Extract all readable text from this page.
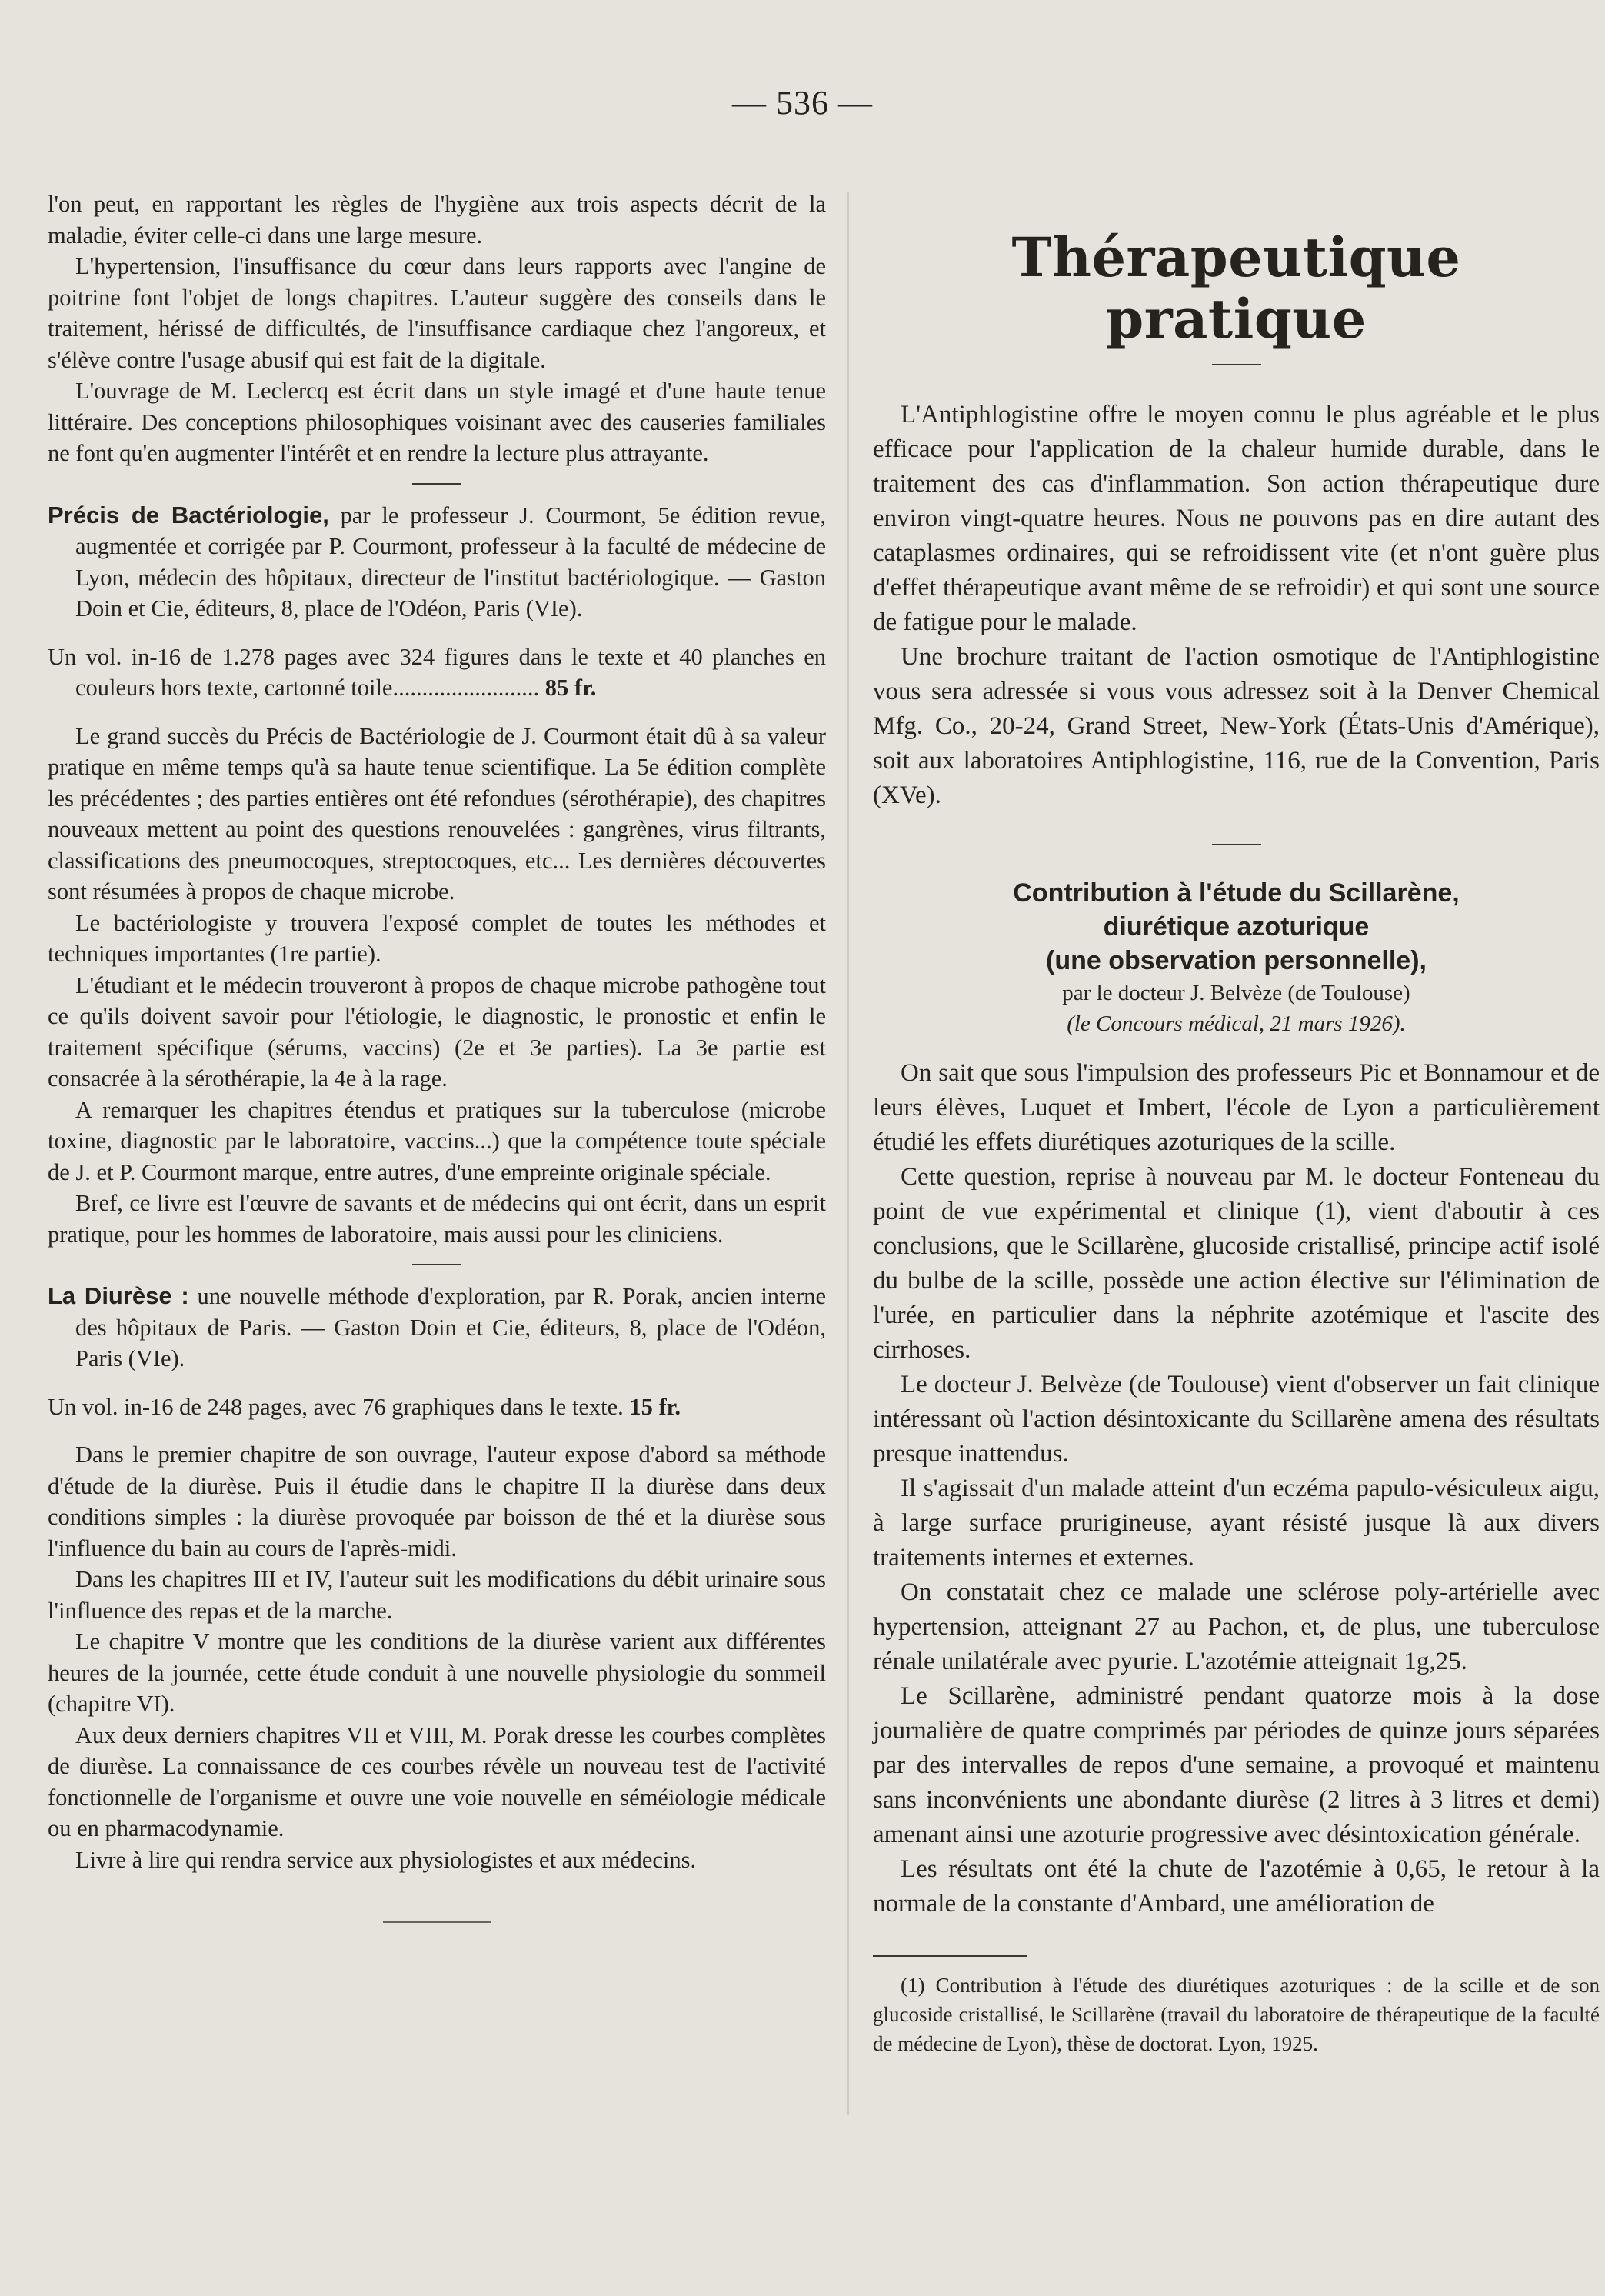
— 536 —

l'on peut, en rapportant les règles de l'hygiène aux trois aspects décrit de la maladie, éviter celle-ci dans une large mesure.

L'hypertension, l'insuffisance du cœur dans leurs rapports avec l'angine de poitrine font l'objet de longs chapitres. L'auteur suggère des conseils dans le traitement, hérissé de difficultés, de l'insuffisance cardiaque chez l'angoreux, et s'élève contre l'usage abusif qui est fait de la digitale.

L'ouvrage de M. Leclercq est écrit dans un style imagé et d'une haute tenue littéraire. Des conceptions philosophiques voisinant avec des causeries familiales ne font qu'en augmenter l'intérêt et en rendre la lecture plus attrayante.

Précis de Bactériologie, par le professeur J. Courmont, 5e édition revue, augmentée et corrigée par P. Courmont, professeur à la faculté de médecine de Lyon, médecin des hôpitaux, directeur de l'institut bactériologique. — Gaston Doin et Cie, éditeurs, 8, place de l'Odéon, Paris (VIe).

Un vol. in-16 de 1.278 pages avec 324 figures dans le texte et 40 planches en couleurs hors texte, cartonné toile......................... 85 fr.

Le grand succès du Précis de Bactériologie de J. Courmont était dû à sa valeur pratique en même temps qu'à sa haute tenue scientifique. La 5e édition complète les précédentes ; des parties entières ont été refondues (sérothérapie), des chapitres nouveaux mettent au point des questions renouvelées : gangrènes, virus filtrants, classifications des pneumocoques, streptocoques, etc... Les dernières découvertes sont résumées à propos de chaque microbe.

Le bactériologiste y trouvera l'exposé complet de toutes les méthodes et techniques importantes (1re partie).

L'étudiant et le médecin trouveront à propos de chaque microbe pathogène tout ce qu'ils doivent savoir pour l'étiologie, le diagnostic, le pronostic et enfin le traitement spécifique (sérums, vaccins) (2e et 3e parties). La 3e partie est consacrée à la sérothérapie, la 4e à la rage.

A remarquer les chapitres étendus et pratiques sur la tuberculose (microbe toxine, diagnostic par le laboratoire, vaccins...) que la compétence toute spéciale de J. et P. Courmont marque, entre autres, d'une empreinte originale spéciale.

Bref, ce livre est l'œuvre de savants et de médecins qui ont écrit, dans un esprit pratique, pour les hommes de laboratoire, mais aussi pour les cliniciens.

La Diurèse : une nouvelle méthode d'exploration, par R. Porak, ancien interne des hôpitaux de Paris. — Gaston Doin et Cie, éditeurs, 8, place de l'Odéon, Paris (VIe).

Un vol. in-16 de 248 pages, avec 76 graphiques dans le texte. 15 fr.

Dans le premier chapitre de son ouvrage, l'auteur expose d'abord sa méthode d'étude de la diurèse. Puis il étudie dans le chapitre II la diurèse dans deux conditions simples : la diurèse provoquée par boisson de thé et la diurèse sous l'influence du bain au cours de l'après-midi.

Dans les chapitres III et IV, l'auteur suit les modifications du débit urinaire sous l'influence des repas et de la marche.

Le chapitre V montre que les conditions de la diurèse varient aux différentes heures de la journée, cette étude conduit à une nouvelle physiologie du sommeil (chapitre VI).

Aux deux derniers chapitres VII et VIII, M. Porak dresse les courbes complètes de diurèse. La connaissance de ces courbes révèle un nouveau test de l'activité fonctionnelle de l'organisme et ouvre une voie nouvelle en séméiologie médicale ou en pharmacodynamie.

Livre à lire qui rendra service aux physiologistes et aux médecins.

Thérapeutique pratique

L'Antiphlogistine offre le moyen connu le plus agréable et le plus efficace pour l'application de la chaleur humide durable, dans le traitement des cas d'inflammation. Son action thérapeutique dure environ vingt-quatre heures. Nous ne pouvons pas en dire autant des cataplasmes ordinaires, qui se refroidissent vite (et n'ont guère plus d'effet thérapeutique avant même de se refroidir) et qui sont une source de fatigue pour le malade.

Une brochure traitant de l'action osmotique de l'Antiphlogistine vous sera adressée si vous vous adressez soit à la Denver Chemical Mfg. Co., 20-24, Grand Street, New-York (États-Unis d'Amérique), soit aux laboratoires Antiphlogistine, 116, rue de la Convention, Paris (XVe).

Contribution à l'étude du Scillarène,
diurétique azoturique
(une observation personnelle),
par le docteur J. Belvèze (de Toulouse)
(le Concours médical, 21 mars 1926).

On sait que sous l'impulsion des professeurs Pic et Bonnamour et de leurs élèves, Luquet et Imbert, l'école de Lyon a particulièrement étudié les effets diurétiques azoturiques de la scille.

Cette question, reprise à nouveau par M. le docteur Fonteneau du point de vue expérimental et clinique (1), vient d'aboutir à ces conclusions, que le Scillarène, glucoside cristallisé, principe actif isolé du bulbe de la scille, possède une action élective sur l'élimination de l'urée, en particulier dans la néphrite azotémique et l'ascite des cirrhoses.

Le docteur J. Belvèze (de Toulouse) vient d'observer un fait clinique intéressant où l'action désintoxicante du Scillarène amena des résultats presque inattendus.

Il s'agissait d'un malade atteint d'un eczéma papulo-vésiculeux aigu, à large surface prurigineuse, ayant résisté jusque là aux divers traitements internes et externes.

On constatait chez ce malade une sclérose poly-artérielle avec hypertension, atteignant 27 au Pachon, et, de plus, une tuberculose rénale unilatérale avec pyurie. L'azotémie atteignait 1g,25.

Le Scillarène, administré pendant quatorze mois à la dose journalière de quatre comprimés par périodes de quinze jours séparées par des intervalles de repos d'une semaine, a provoqué et maintenu sans inconvénients une abondante diurèse (2 litres à 3 litres et demi) amenant ainsi une azoturie progressive avec désintoxication générale.

Les résultats ont été la chute de l'azotémie à 0,65, le retour à la normale de la constante d'Ambard, une amélioration de

(1) Contribution à l'étude des diurétiques azoturiques : de la scille et de son glucoside cristallisé, le Scillarène (travail du laboratoire de thérapeutique de la faculté de médecine de Lyon), thèse de doctorat. Lyon, 1925.
